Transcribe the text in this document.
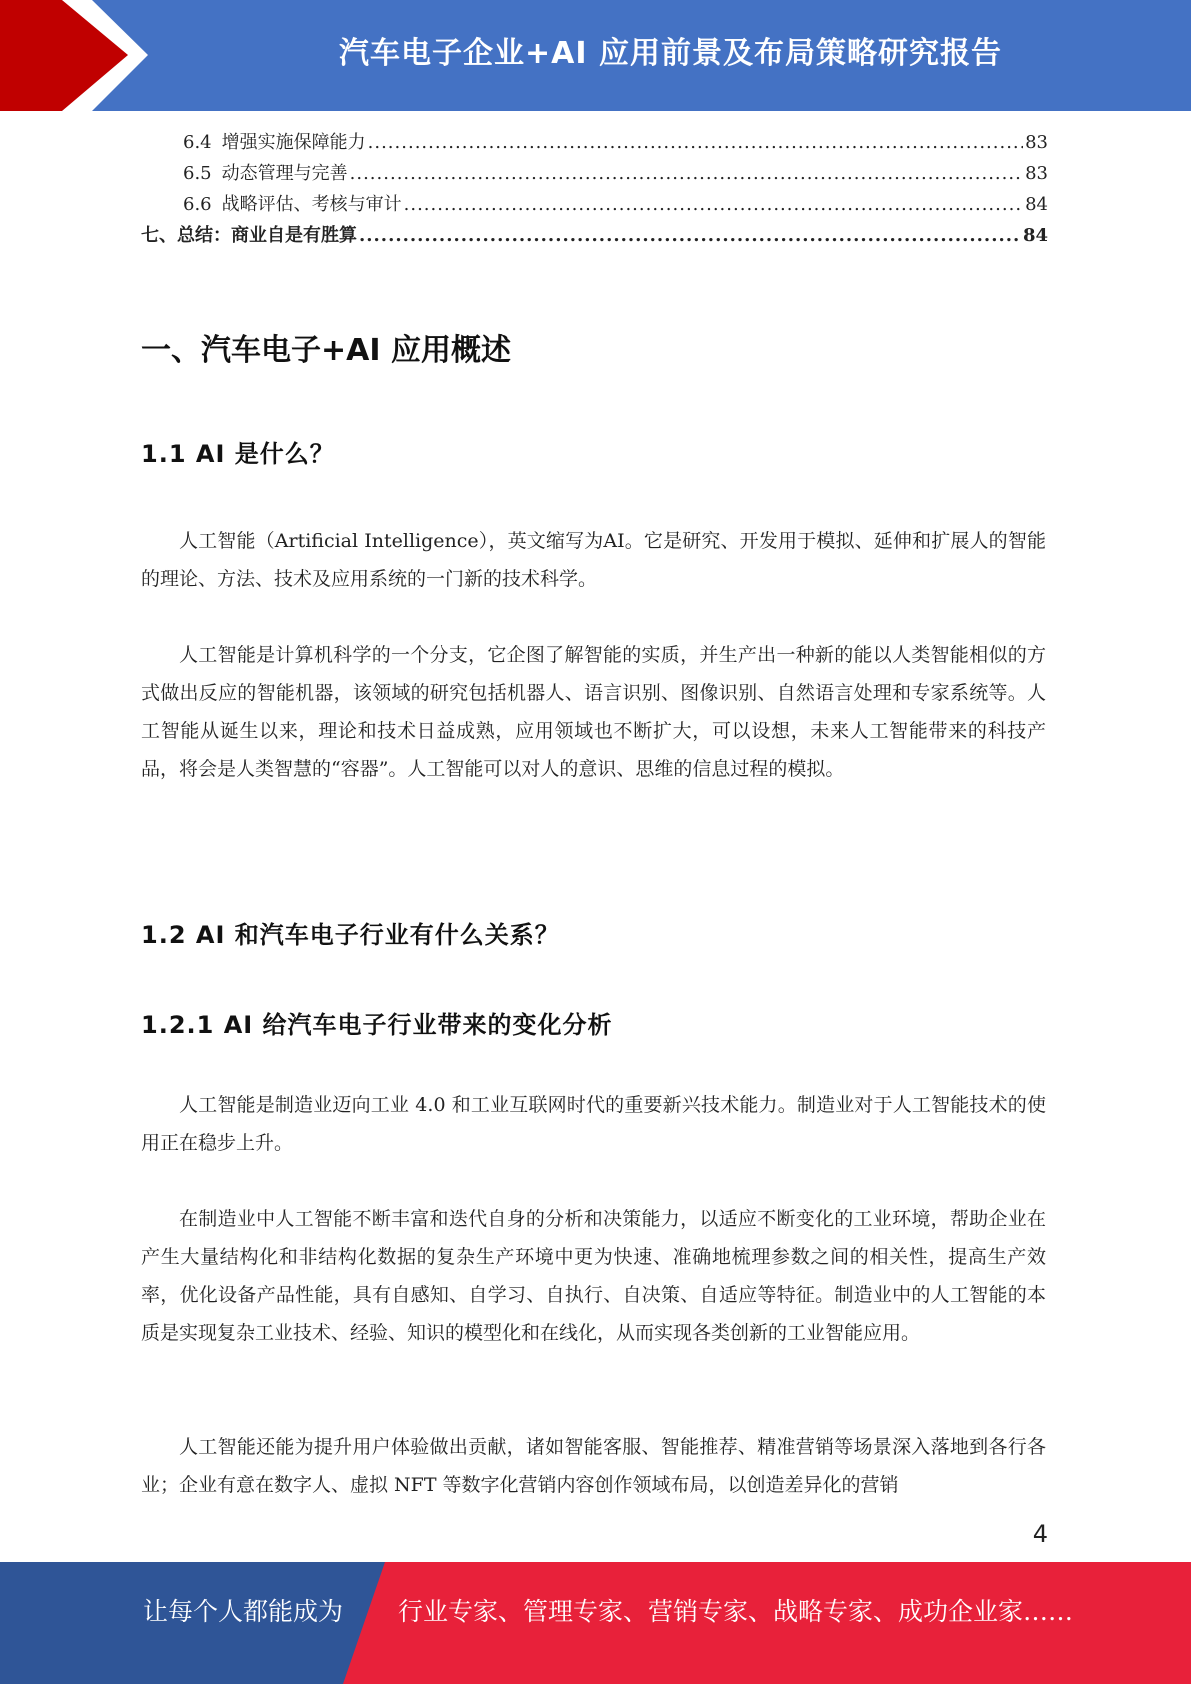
汽车电子企业+AI 应用前景及布局策略研究报告
6.4 增强实施保障能力 .....	83
6.5 动态管理与完善 .....	83
6.6 战略评估、考核与审计 .....	84
七、总结：商业自是有胜算 .....	84
一、汽车电子+AI 应用概述
1.1 AI 是什么？

人工智能（Artificial Intelligence），英文缩写为AI。它是研究、开发用于模拟、延伸和扩展人的智能的理论、方法、技术及应用系统的一门新的技术科学。

人工智能是计算机科学的一个分支，它企图了解智能的实质，并生产出一种新的能以人类智能相似的方式做出反应的智能机器，该领域的研究包括机器人、语言识别、图像识别、自然语言处理和专家系统等。人工智能从诞生以来，理论和技术日益成熟，应用领域也不断扩大，可以设想，未来人工智能带来的科技产品，将会是人类智慧的“容器”。人工智能可以对人的意识、思维的信息过程的模拟。

1.2 AI 和汽车电子行业有什么关系？
1.2.1 AI 给汽车电子行业带来的变化分析

人工智能是制造业迈向工业 4.0 和工业互联网时代的重要新兴技术能力。制造业对于人工智能技术的使用正在稳步上升。

在制造业中人工智能不断丰富和迭代自身的分析和决策能力，以适应不断变化的工业环境，帮助企业在产生大量结构化和非结构化数据的复杂生产环境中更为快速、准确地梳理参数之间的相关性，提高生产效率，优化设备产品性能，具有自感知、自学习、自执行、自决策、自适应等特征。制造业中的人工智能的本质是实现复杂工业技术、经验、知识的模型化和在线化，从而实现各类创新的工业智能应用。

人工智能还能为提升用户体验做出贡献，诸如智能客服、智能推荐、精准营销等场景深入落地到各行各业；企业有意在数字人、虚拟 NFT 等数字化营销内容创作领域布局，以创造差异化的营销

4
让每个人都能成为 行业专家、管理专家、营销专家、战略专家、成功企业家……
